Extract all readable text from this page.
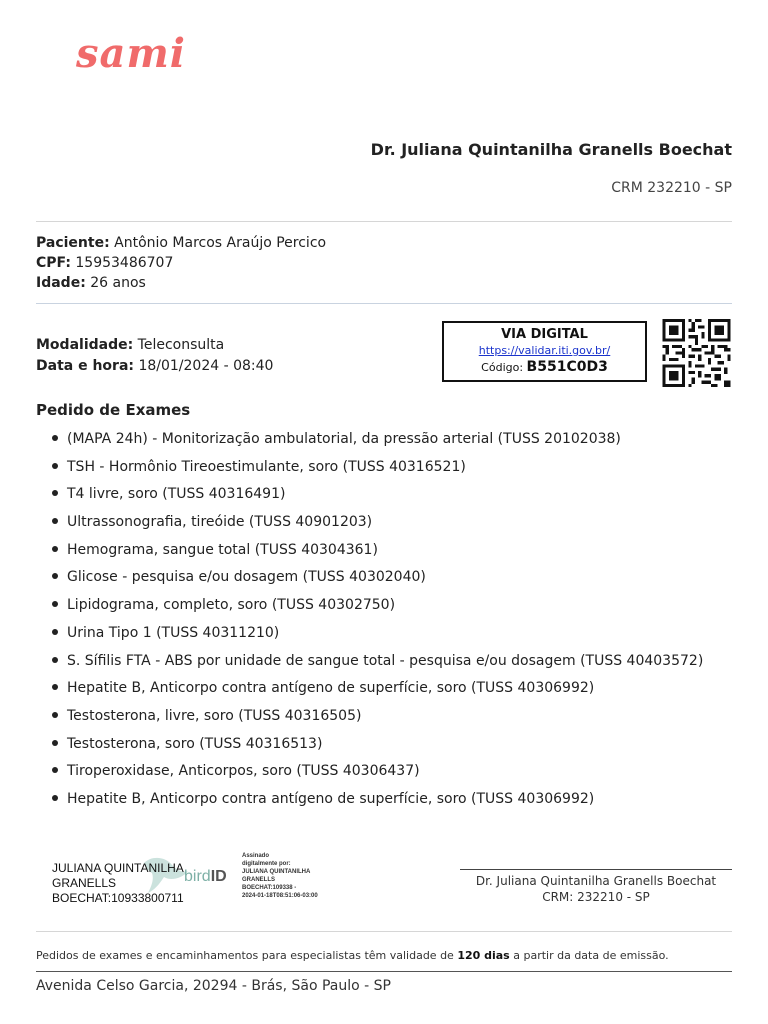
sami
Dr. Juliana Quintanilha Granells Boechat
CRM 232210 - SP
Paciente: Antônio Marcos Araújo Percico
CPF: 15953486707
Idade: 26 anos
Modalidade: Teleconsulta
Data e hora: 18/01/2024 - 08:40
VIA DIGITAL
https://validar.iti.gov.br/
Código: B551C0D3
Pedido de Exames
(MAPA 24h) - Monitorização ambulatorial, da pressão arterial (TUSS 20102038)
TSH - Hormônio Tireoestimulante, soro (TUSS 40316521)
T4 livre, soro (TUSS 40316491)
Ultrassonografia, tireóide (TUSS 40901203)
Hemograma, sangue total (TUSS 40304361)
Glicose - pesquisa e/ou dosagem (TUSS 40302040)
Lipidograma, completo, soro (TUSS 40302750)
Urina Tipo 1 (TUSS 40311210)
S. Sífilis FTA - ABS por unidade de sangue total - pesquisa e/ou dosagem (TUSS 40403572)
Hepatite B, Anticorpo contra antígeno de superfície, soro (TUSS 40306992)
Testosterona, livre, soro (TUSS 40316505)
Testosterona, soro (TUSS 40316513)
Tiroperoxidase, Anticorpos, soro (TUSS 40306437)
Hepatite B, Anticorpo contra antígeno de superfície, soro (TUSS 40306992)
JULIANA QUINTANILHA
GRANELLS
BOECHAT:10933800711
birdID
Assinado
digitalmente por:
JULIANA QUINTANILHA
GRANELLS
BOECHAT:109338 -
2024-01-18T08:51:06-03:00
Dr. Juliana Quintanilha Granells Boechat
CRM: 232210 - SP
Pedidos de exames e encaminhamentos para especialistas têm validade de 120 dias a partir da data de emissão.
Avenida Celso Garcia, 20294 - Brás, São Paulo - SP
